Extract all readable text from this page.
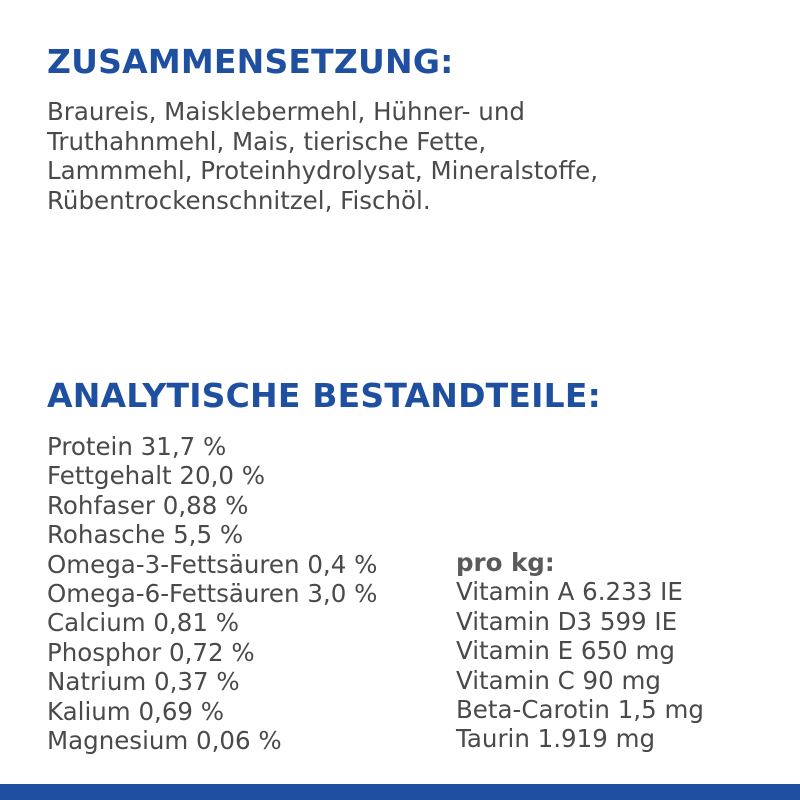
ZUSAMMENSETZUNG:

Braureis, Maisklebermehl, Hühner- und
Truthahnmehl, Mais, tierische Fette,
Lammmehl, Proteinhydrolysat, Mineralstoffe,
Rübentrockenschnitzel, Fischöl.

ANALYTISCHE BESTANDTEILE:
Protein 31,7 %
Fettgehalt 20,0 %
Rohfaser 0,88 %
Rohasche 5,5 %
Omega-3-Fettsäuren 0,4 %
Omega-6-Fettsäuren 3,0 %
Calcium 0,81 %
Phosphor 0,72 %
Natrium 0,37 %
Kalium 0,69 %
Magnesium 0,06 %
pro kg:
Vitamin A 6.233 IE
Vitamin D3 599 IE
Vitamin E 650 mg
Vitamin C 90 mg
Beta-Carotin 1,5 mg
Taurin 1.919 mg
